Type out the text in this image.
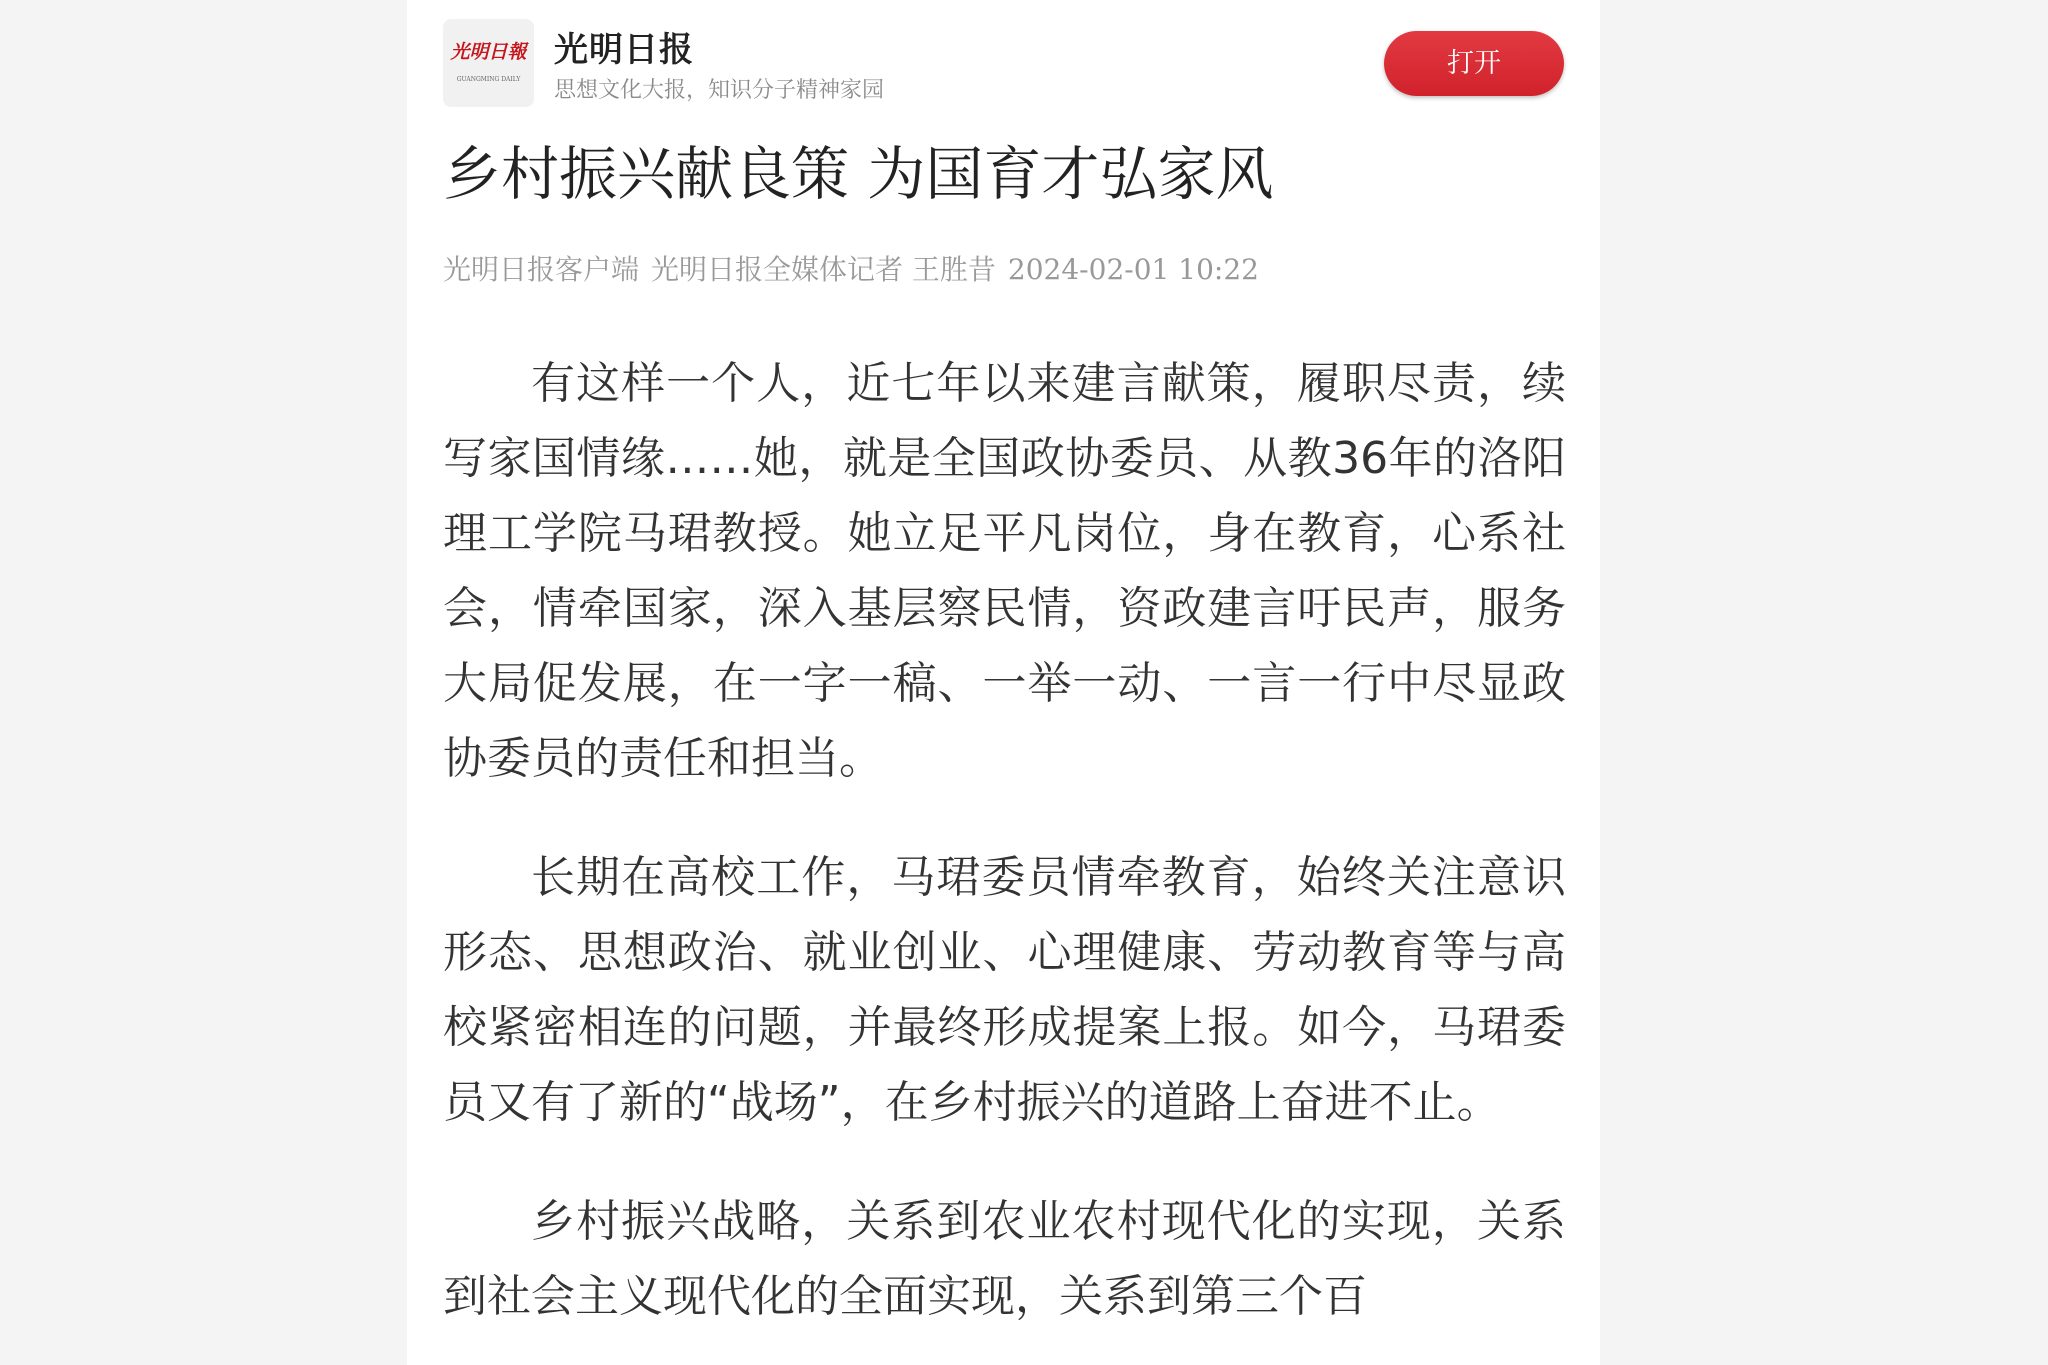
光明日報
GUANGMING DAILY
光明日报
思想文化大报，知识分子精神家园
打开
乡村振兴献良策 为国育才弘家风
光明日报客户端 光明日报全媒体记者 王胜昔 2024-02-01 10:22

有这样一个人，近七年以来建言献策，履职尽责，续写家国情缘……她，就是全国政协委员、从教36年的洛阳理工学院马珺教授。她立足平凡岗位，身在教育，心系社会，情牵国家，深入基层察民情，资政建言吁民声，服务大局促发展，在一字一稿、一举一动、一言一行中尽显政协委员的责任和担当。

长期在高校工作，马珺委员情牵教育，始终关注意识形态、思想政治、就业创业、心理健康、劳动教育等与高校紧密相连的问题，并最终形成提案上报。如今，马珺委员又有了新的“战场”，在乡村振兴的道路上奋进不止。

乡村振兴战略，关系到农业农村现代化的实现，关系到社会主义现代化的全面实现，关系到第三个百
